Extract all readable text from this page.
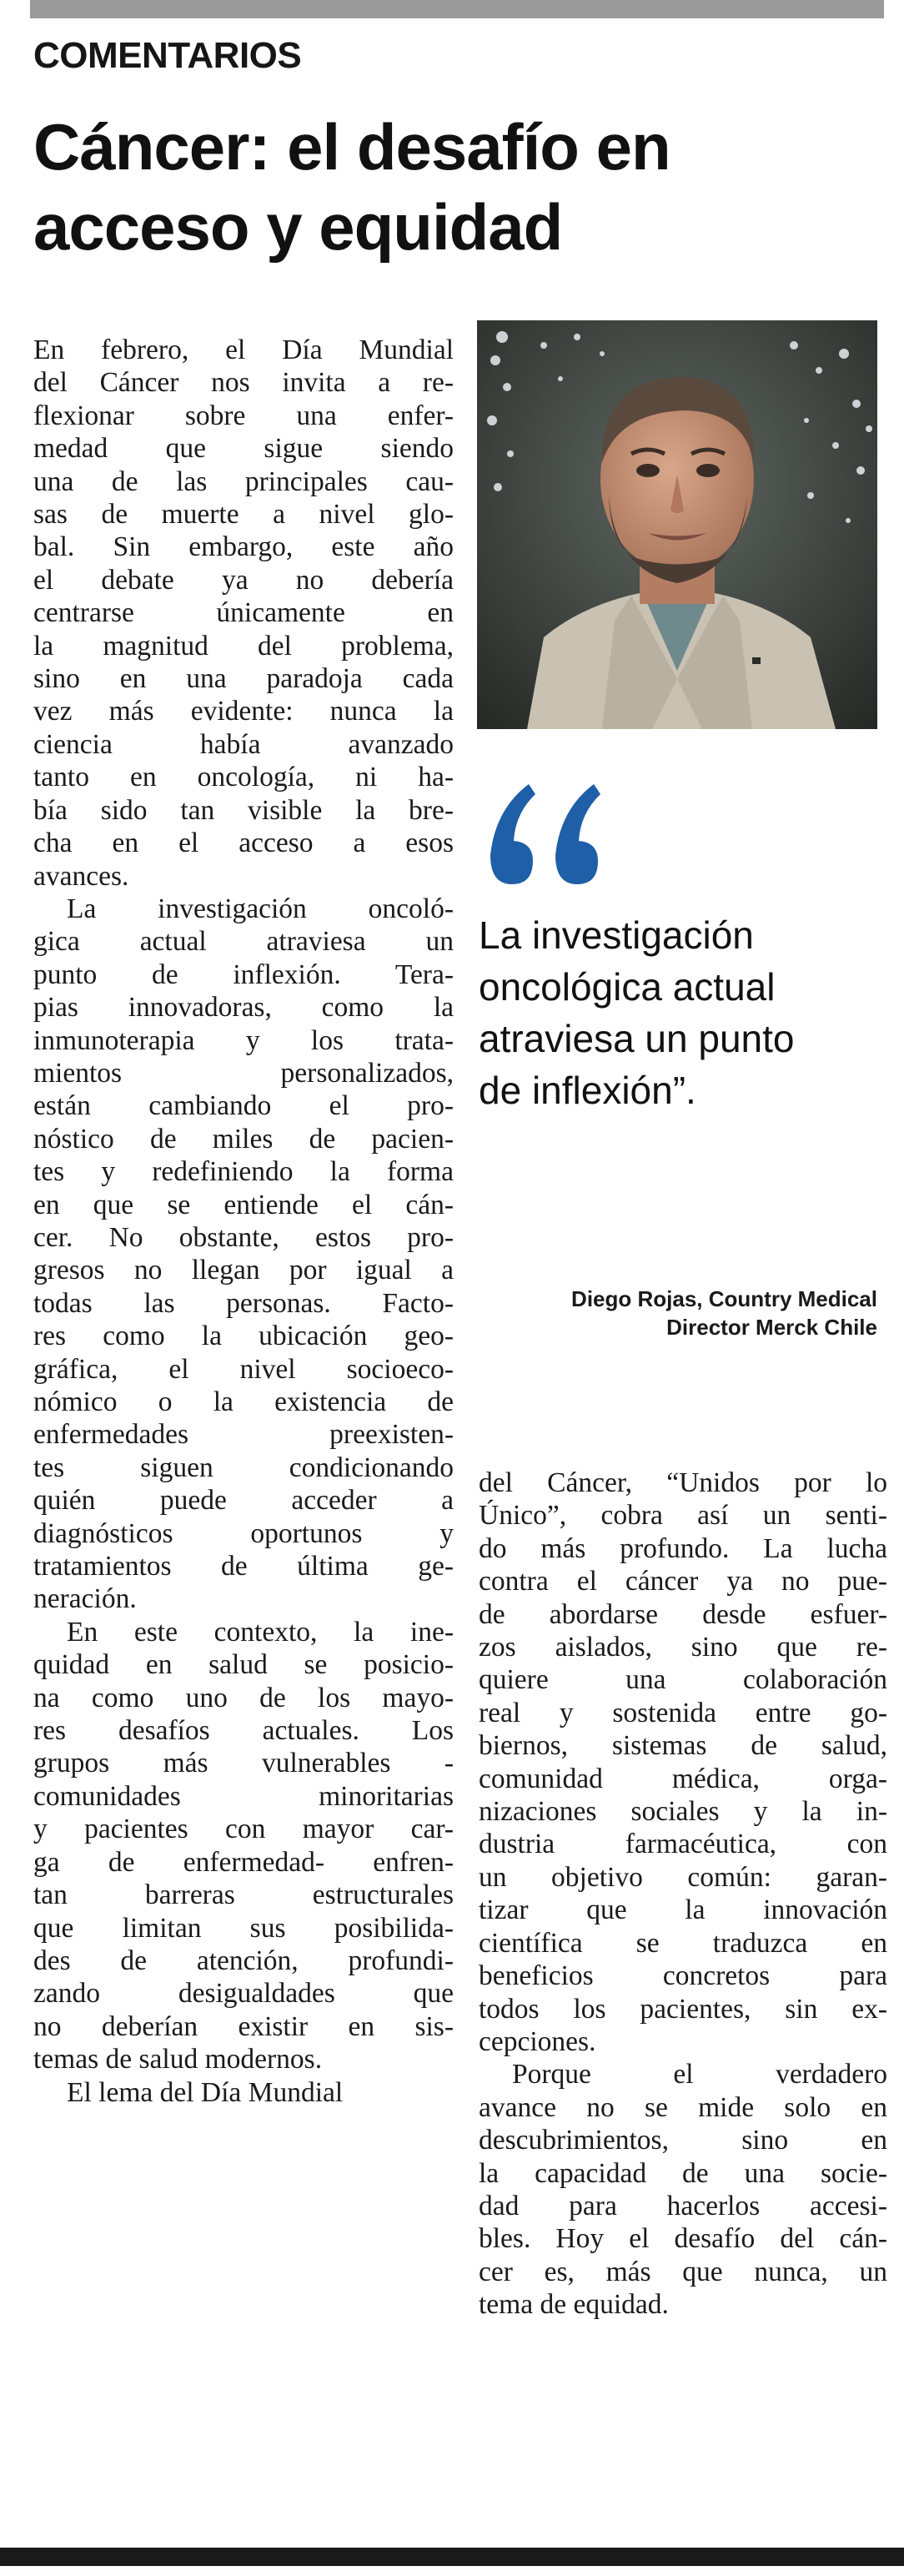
COMENTARIOS
Cáncer: el desafío en
acceso y equidad
En febrero, el Día Mundial
del Cáncer nos invita a re-
flexionar sobre una enfer-
medad que sigue siendo
una de las principales cau-
sas de muerte a nivel glo-
bal. Sin embargo, este año
el debate ya no debería
centrarse únicamente en
la magnitud del problema,
sino en una paradoja cada
vez más evidente: nunca la
ciencia había avanzado
tanto en oncología, ni ha-
bía sido tan visible la bre-
cha en el acceso a esos
avances.
La investigación oncoló-
gica actual atraviesa un
punto de inflexión. Tera-
pias innovadoras, como la
inmunoterapia y los trata-
mientos personalizados,
están cambiando el pro-
nóstico de miles de pacien-
tes y redefiniendo la forma
en que se entiende el cán-
cer. No obstante, estos pro-
gresos no llegan por igual a
todas las personas. Facto-
res como la ubicación geo-
gráfica, el nivel socioeco-
nómico o la existencia de
enfermedades preexisten-
tes siguen condicionando
quién puede acceder a
diagnósticos oportunos y
tratamientos de última ge-
neración.
En este contexto, la ine-
quidad en salud se posicio-
na como uno de los mayo-
res desafíos actuales. Los
grupos más vulnerables -
comunidades minoritarias
y pacientes con mayor car-
ga de enfermedad- enfren-
tan barreras estructurales
que limitan sus posibilida-
des de atención, profundi-
zando desigualdades que
no deberían existir en sis-
temas de salud modernos.
El lema del Día Mundial
La investigación
oncológica actual
atraviesa un punto
de inflexión”.
Diego Rojas, Country Medical
Director Merck Chile
del Cáncer, “Unidos por lo
Único”, cobra así un senti-
do más profundo. La lucha
contra el cáncer ya no pue-
de abordarse desde esfuer-
zos aislados, sino que re-
quiere una colaboración
real y sostenida entre go-
biernos, sistemas de salud,
comunidad médica, orga-
nizaciones sociales y la in-
dustria farmacéutica, con
un objetivo común: garan-
tizar que la innovación
científica se traduzca en
beneficios concretos para
todos los pacientes, sin ex-
cepciones.
Porque el verdadero
avance no se mide solo en
descubrimientos, sino en
la capacidad de una socie-
dad para hacerlos accesi-
bles. Hoy el desafío del cán-
cer es, más que nunca, un
tema de equidad.
